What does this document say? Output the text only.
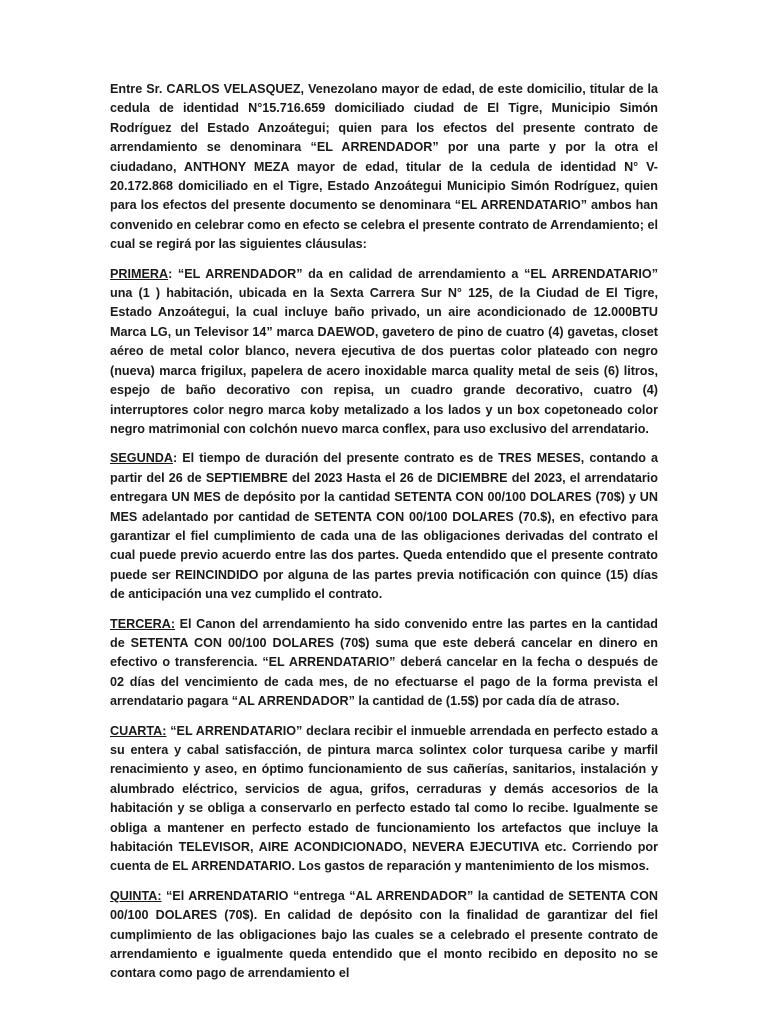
Entre Sr. CARLOS VELASQUEZ, Venezolano mayor de edad, de este domicilio, titular de la cedula de identidad N°15.716.659 domiciliado ciudad de El Tigre, Municipio Simón Rodríguez del Estado Anzoátegui; quien para los efectos del presente contrato de arrendamiento se denominara “EL ARRENDADOR” por una parte y por la otra el ciudadano, ANTHONY MEZA mayor de edad, titular de la cedula de identidad N° V-20.172.868 domiciliado en el Tigre, Estado Anzoátegui Municipio Simón Rodríguez, quien para los efectos del presente documento se denominara “EL ARRENDATARIO” ambos han convenido en celebrar como en efecto se celebra el presente contrato de Arrendamiento; el cual se regirá por las siguientes cláusulas:

PRIMERA: “EL ARRENDADOR” da en calidad de arrendamiento a “EL ARRENDATARIO” una (1 ) habitación, ubicada en la Sexta Carrera Sur N° 125, de la Ciudad de El Tigre, Estado Anzoátegui, la cual incluye baño privado, un aire acondicionado de 12.000BTU Marca LG, un Televisor 14” marca DAEWOD, gavetero de pino de cuatro (4) gavetas, closet aéreo de metal color blanco, nevera ejecutiva de dos puertas color plateado con negro (nueva) marca frigilux, papelera de acero inoxidable marca quality metal de seis (6) litros, espejo de baño decorativo con repisa, un cuadro grande decorativo, cuatro (4) interruptores color negro marca koby metalizado a los lados y un box copetoneado color negro matrimonial con colchón nuevo marca conflex, para uso exclusivo del arrendatario.

SEGUNDA: El tiempo de duración del presente contrato es de TRES MESES, contando a partir del 26 de SEPTIEMBRE del 2023 Hasta el 26 de DICIEMBRE del 2023, el arrendatario entregara UN MES de depósito por la cantidad SETENTA CON 00/100 DOLARES (70$) y UN MES adelantado por cantidad de SETENTA CON 00/100 DOLARES (70.$), en efectivo para garantizar el fiel cumplimiento de cada una de las obligaciones derivadas del contrato el cual puede previo acuerdo entre las dos partes. Queda entendido que el presente contrato puede ser REINCINDIDO por alguna de las partes previa notificación con quince (15) días de anticipación una vez cumplido el contrato.

TERCERA: El Canon del arrendamiento ha sido convenido entre las partes en la cantidad de SETENTA CON 00/100 DOLARES (70$) suma que este deberá cancelar en dinero en efectivo o transferencia. “EL ARRENDATARIO” deberá cancelar en la fecha o después de 02 días del vencimiento de cada mes, de no efectuarse el pago de la forma prevista el arrendatario pagara “AL ARRENDADOR” la cantidad de (1.5$) por cada día de atraso.

CUARTA: “EL ARRENDATARIO” declara recibir el inmueble arrendada en perfecto estado a su entera y cabal satisfacción, de pintura marca solintex color turquesa caribe y marfil renacimiento y aseo, en óptimo funcionamiento de sus cañerías, sanitarios, instalación y alumbrado eléctrico, servicios de agua, grifos, cerraduras y demás accesorios de la habitación y se obliga a conservarlo en perfecto estado tal como lo recibe. Igualmente se obliga a mantener en perfecto estado de funcionamiento los artefactos que incluye la habitación TELEVISOR, AIRE ACONDICIONADO, NEVERA EJECUTIVA etc. Corriendo por cuenta de EL ARRENDATARIO. Los gastos de reparación y mantenimiento de los mismos.

QUINTA: “El ARRENDATARIO “entrega “AL ARRENDADOR” la cantidad de SETENTA CON 00/100 DOLARES (70$). En calidad de depósito con la finalidad de garantizar del fiel cumplimiento de las obligaciones bajo las cuales se a celebrado el presente contrato de arrendamiento e igualmente queda entendido que el monto recibido en deposito no se contara como pago de arrendamiento el
